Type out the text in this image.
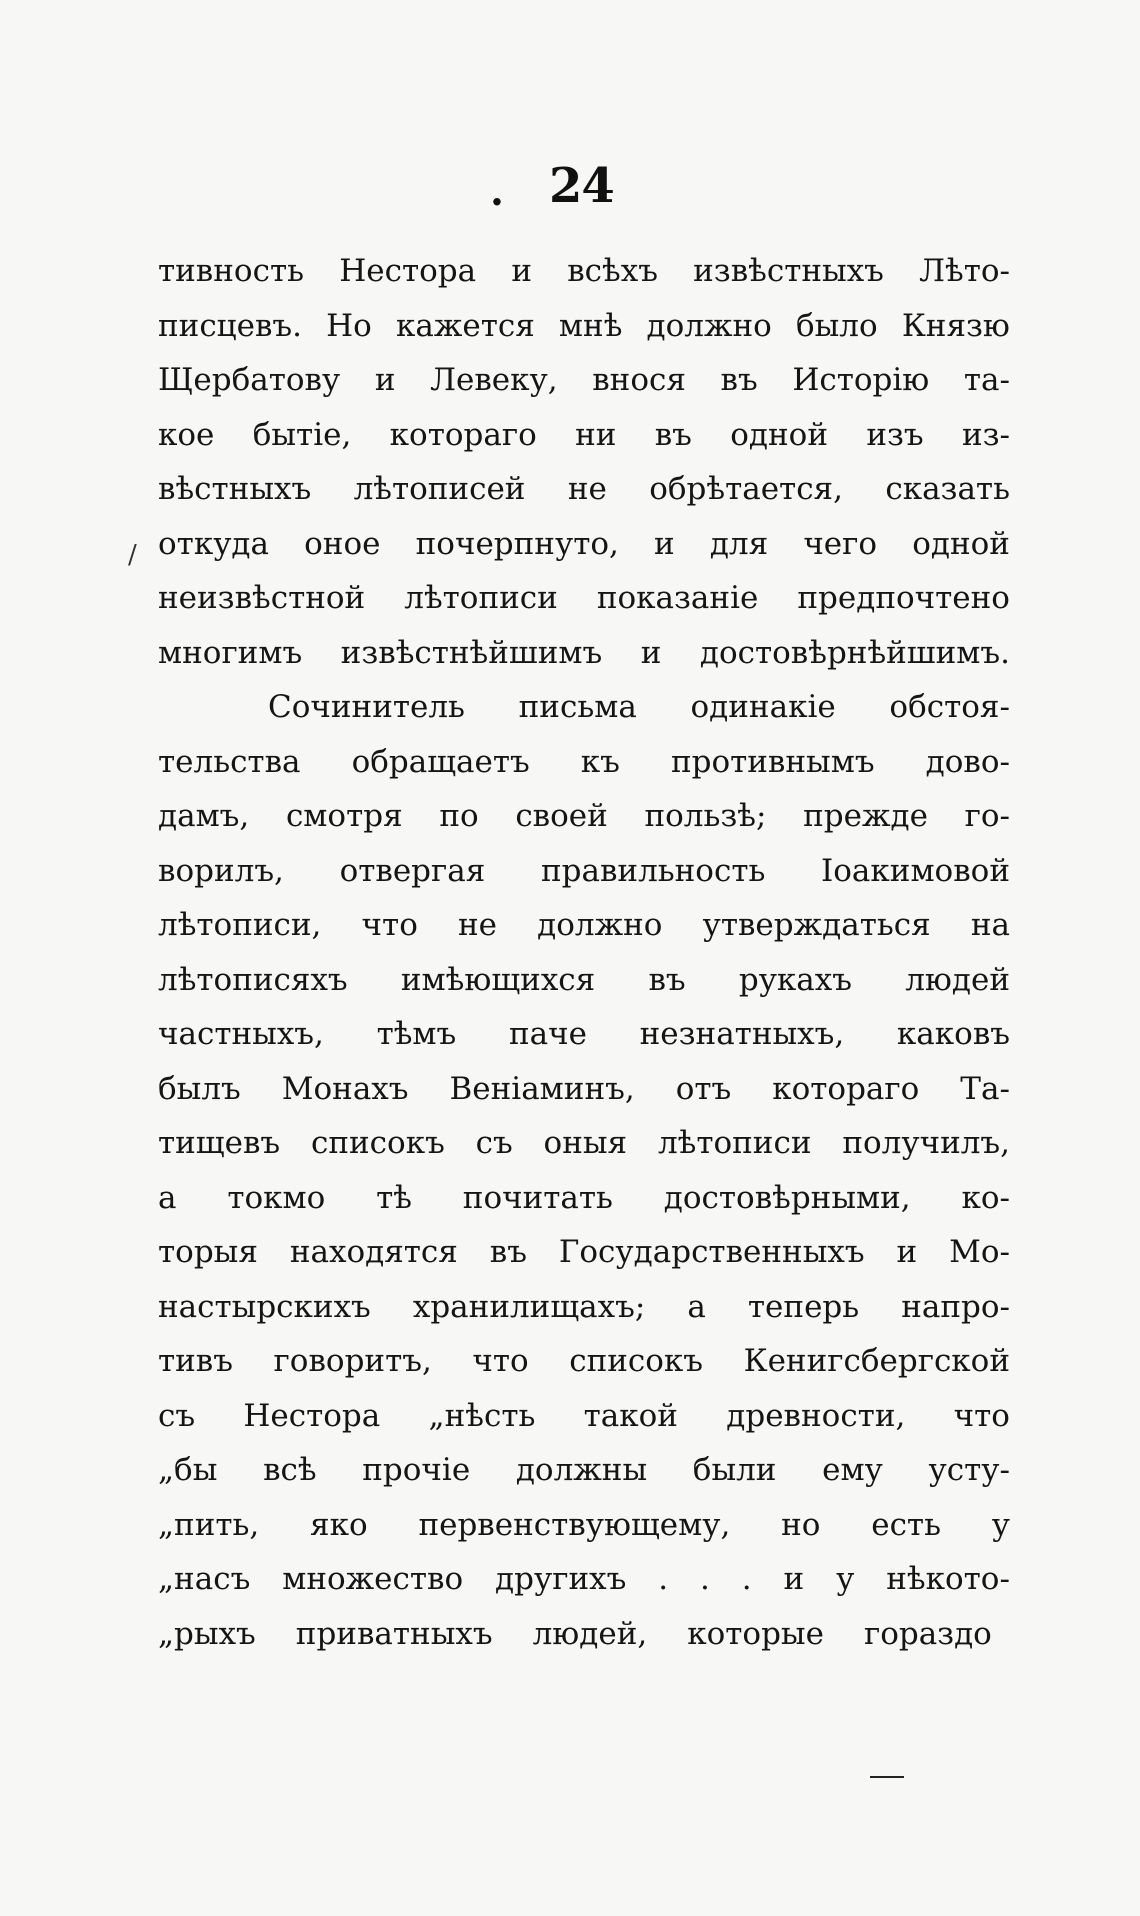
. 24
/
тивность Нестора и всѣхъ извѣстныхъ Лѣто-
писцевъ. Но кажется мнѣ должно было Князю
Щербатову и Левеку, внося въ Исторію та-
кое бытіе, котораго ни въ одной изъ из-
вѣстныхъ лѣтописей не обрѣтается, сказать
откуда оное почерпнуто, и для чего одной
неизвѣстной лѣтописи показаніе предпочтено
многимъ извѣстнѣйшимъ и достовѣрнѣйшимъ.
Сочинитель письма одинакіе обстоя-
тельства обращаетъ къ противнымъ дово-
дамъ, смотря по своей пользѣ; прежде го-
ворилъ, отвергая правильность Іоакимовой
лѣтописи, что не должно утверждаться на
лѣтописяхъ имѣющихся въ рукахъ людей
частныхъ, тѣмъ паче незнатныхъ, каковъ
былъ Монахъ Веніаминъ, отъ котораго Та-
тищевъ списокъ съ оныя лѣтописи получилъ,
а токмо тѣ почитать достовѣрными, ко-
торыя находятся въ Государственныхъ и Мо-
настырскихъ хранилищахъ; а теперь напро-
тивъ говоритъ, что списокъ Кенигсбергской
съ Нестора „нѣсть такой древности, что
„бы всѣ прочіе должны были ему усту-
„пить, яко первенствующему, но есть у
„насъ множество другихъ . . . и у нѣкото-
„рыхъ приватныхъ людей, которые гораздо
